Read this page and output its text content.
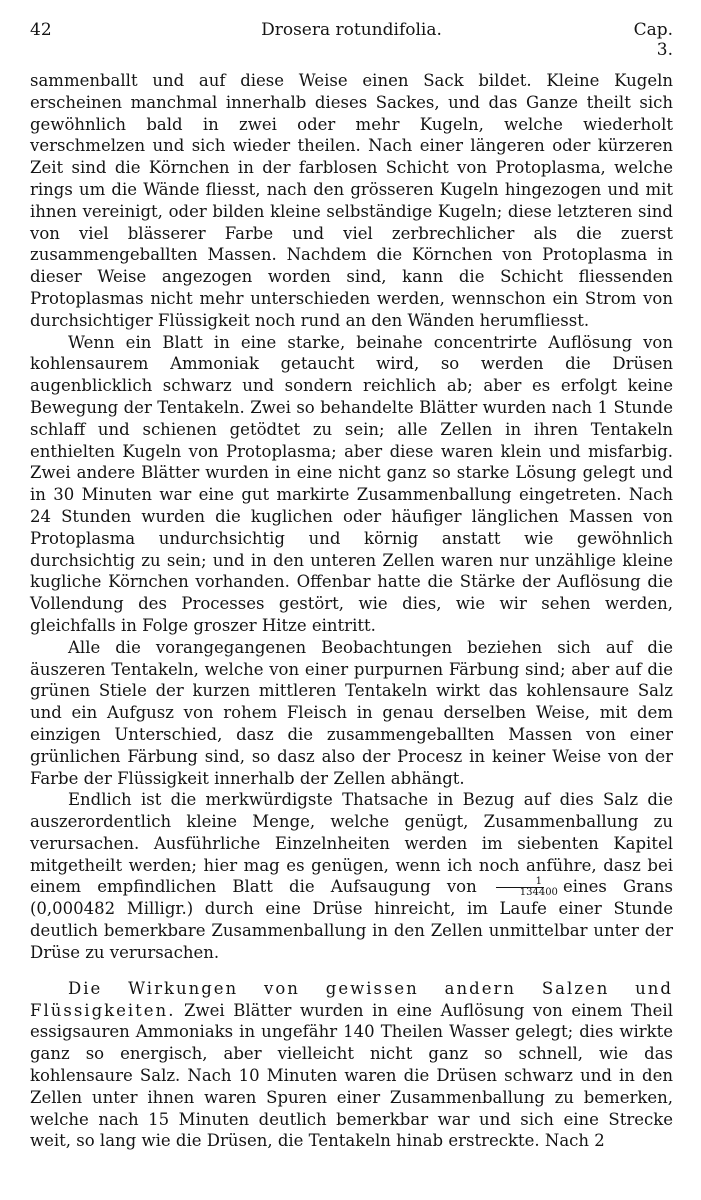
42	Drosera rotundifolia.	Cap. 3.

sammenballt und auf diese Weise einen Sack bildet. Kleine Kugeln erscheinen manchmal innerhalb dieses Sackes, und das Ganze theilt sich gewöhnlich bald in zwei oder mehr Kugeln, welche wiederholt verschmelzen und sich wieder theilen. Nach einer längeren oder kürzeren Zeit sind die Körnchen in der farblosen Schicht von Protoplasma, welche rings um die Wände fliesst, nach den grösseren Kugeln hingezogen und mit ihnen vereinigt, oder bilden kleine selbständige Kugeln; diese letzteren sind von viel blässerer Farbe und viel zerbrechlicher als die zuerst zusammengeballten Massen. Nachdem die Körnchen von Protoplasma in dieser Weise angezogen worden sind, kann die Schicht fliessenden Protoplasmas nicht mehr unterschieden werden, wennschon ein Strom von durchsichtiger Flüssigkeit noch rund an den Wänden herumfliesst.

Wenn ein Blatt in eine starke, beinahe concentrirte Auflösung von kohlensaurem Ammoniak getaucht wird, so werden die Drüsen augenblicklich schwarz und sondern reichlich ab; aber es erfolgt keine Bewegung der Tentakeln. Zwei so behandelte Blätter wurden nach 1 Stunde schlaff und schienen getödtet zu sein; alle Zellen in ihren Tentakeln enthielten Kugeln von Protoplasma; aber diese waren klein und misfarbig. Zwei andere Blätter wurden in eine nicht ganz so starke Lösung gelegt und in 30 Minuten war eine gut markirte Zusammenballung eingetreten. Nach 24 Stunden wurden die kuglichen oder häufiger länglichen Massen von Protoplasma undurchsichtig und körnig anstatt wie gewöhnlich durchsichtig zu sein; und in den unteren Zellen waren nur unzählige kleine kugliche Körnchen vorhanden. Offenbar hatte die Stärke der Auflösung die Vollendung des Processes gestört, wie dies, wie wir sehen werden, gleichfalls in Folge groszer Hitze eintritt.

Alle die vorangegangenen Beobachtungen beziehen sich auf die äuszeren Tentakeln, welche von einer purpurnen Färbung sind; aber auf die grünen Stiele der kurzen mittleren Tentakeln wirkt das kohlensaure Salz und ein Aufgusz von rohem Fleisch in genau derselben Weise, mit dem einzigen Unterschied, dasz die zusammengeballten Massen von einer grünlichen Färbung sind, so dasz also der Procesz in keiner Weise von der Farbe der Flüssigkeit innerhalb der Zellen abhängt.

Endlich ist die merkwürdigste Thatsache in Bezug auf dies Salz die auszerordentlich kleine Menge, welche genügt, Zusammenballung zu verursachen. Ausführliche Einzelnheiten werden im siebenten Kapitel mitgetheilt werden; hier mag es genügen, wenn ich noch anführe, dasz bei einem empfindlichen Blatt die Aufsaugung von $\frac{1}{134400}$ eines Grans (0,000482 Milligr.) durch eine Drüse hinreicht, im Laufe einer Stunde deutlich bemerkbare Zusammenballung in den Zellen unmittelbar unter der Drüse zu verursachen.

Die Wirkungen von gewissen andern Salzen und Flüssigkeiten. Zwei Blätter wurden in eine Auflösung von einem Theil essigsauren Ammoniaks in ungefähr 140 Theilen Wasser gelegt; dies wirkte ganz so energisch, aber vielleicht nicht ganz so schnell, wie das kohlensaure Salz. Nach 10 Minuten waren die Drüsen schwarz und in den Zellen unter ihnen waren Spuren einer Zusammenballung zu bemerken, welche nach 15 Minuten deutlich bemerkbar war und sich eine Strecke weit, so lang wie die Drüsen, die Tentakeln hinab erstreckte. Nach 2
